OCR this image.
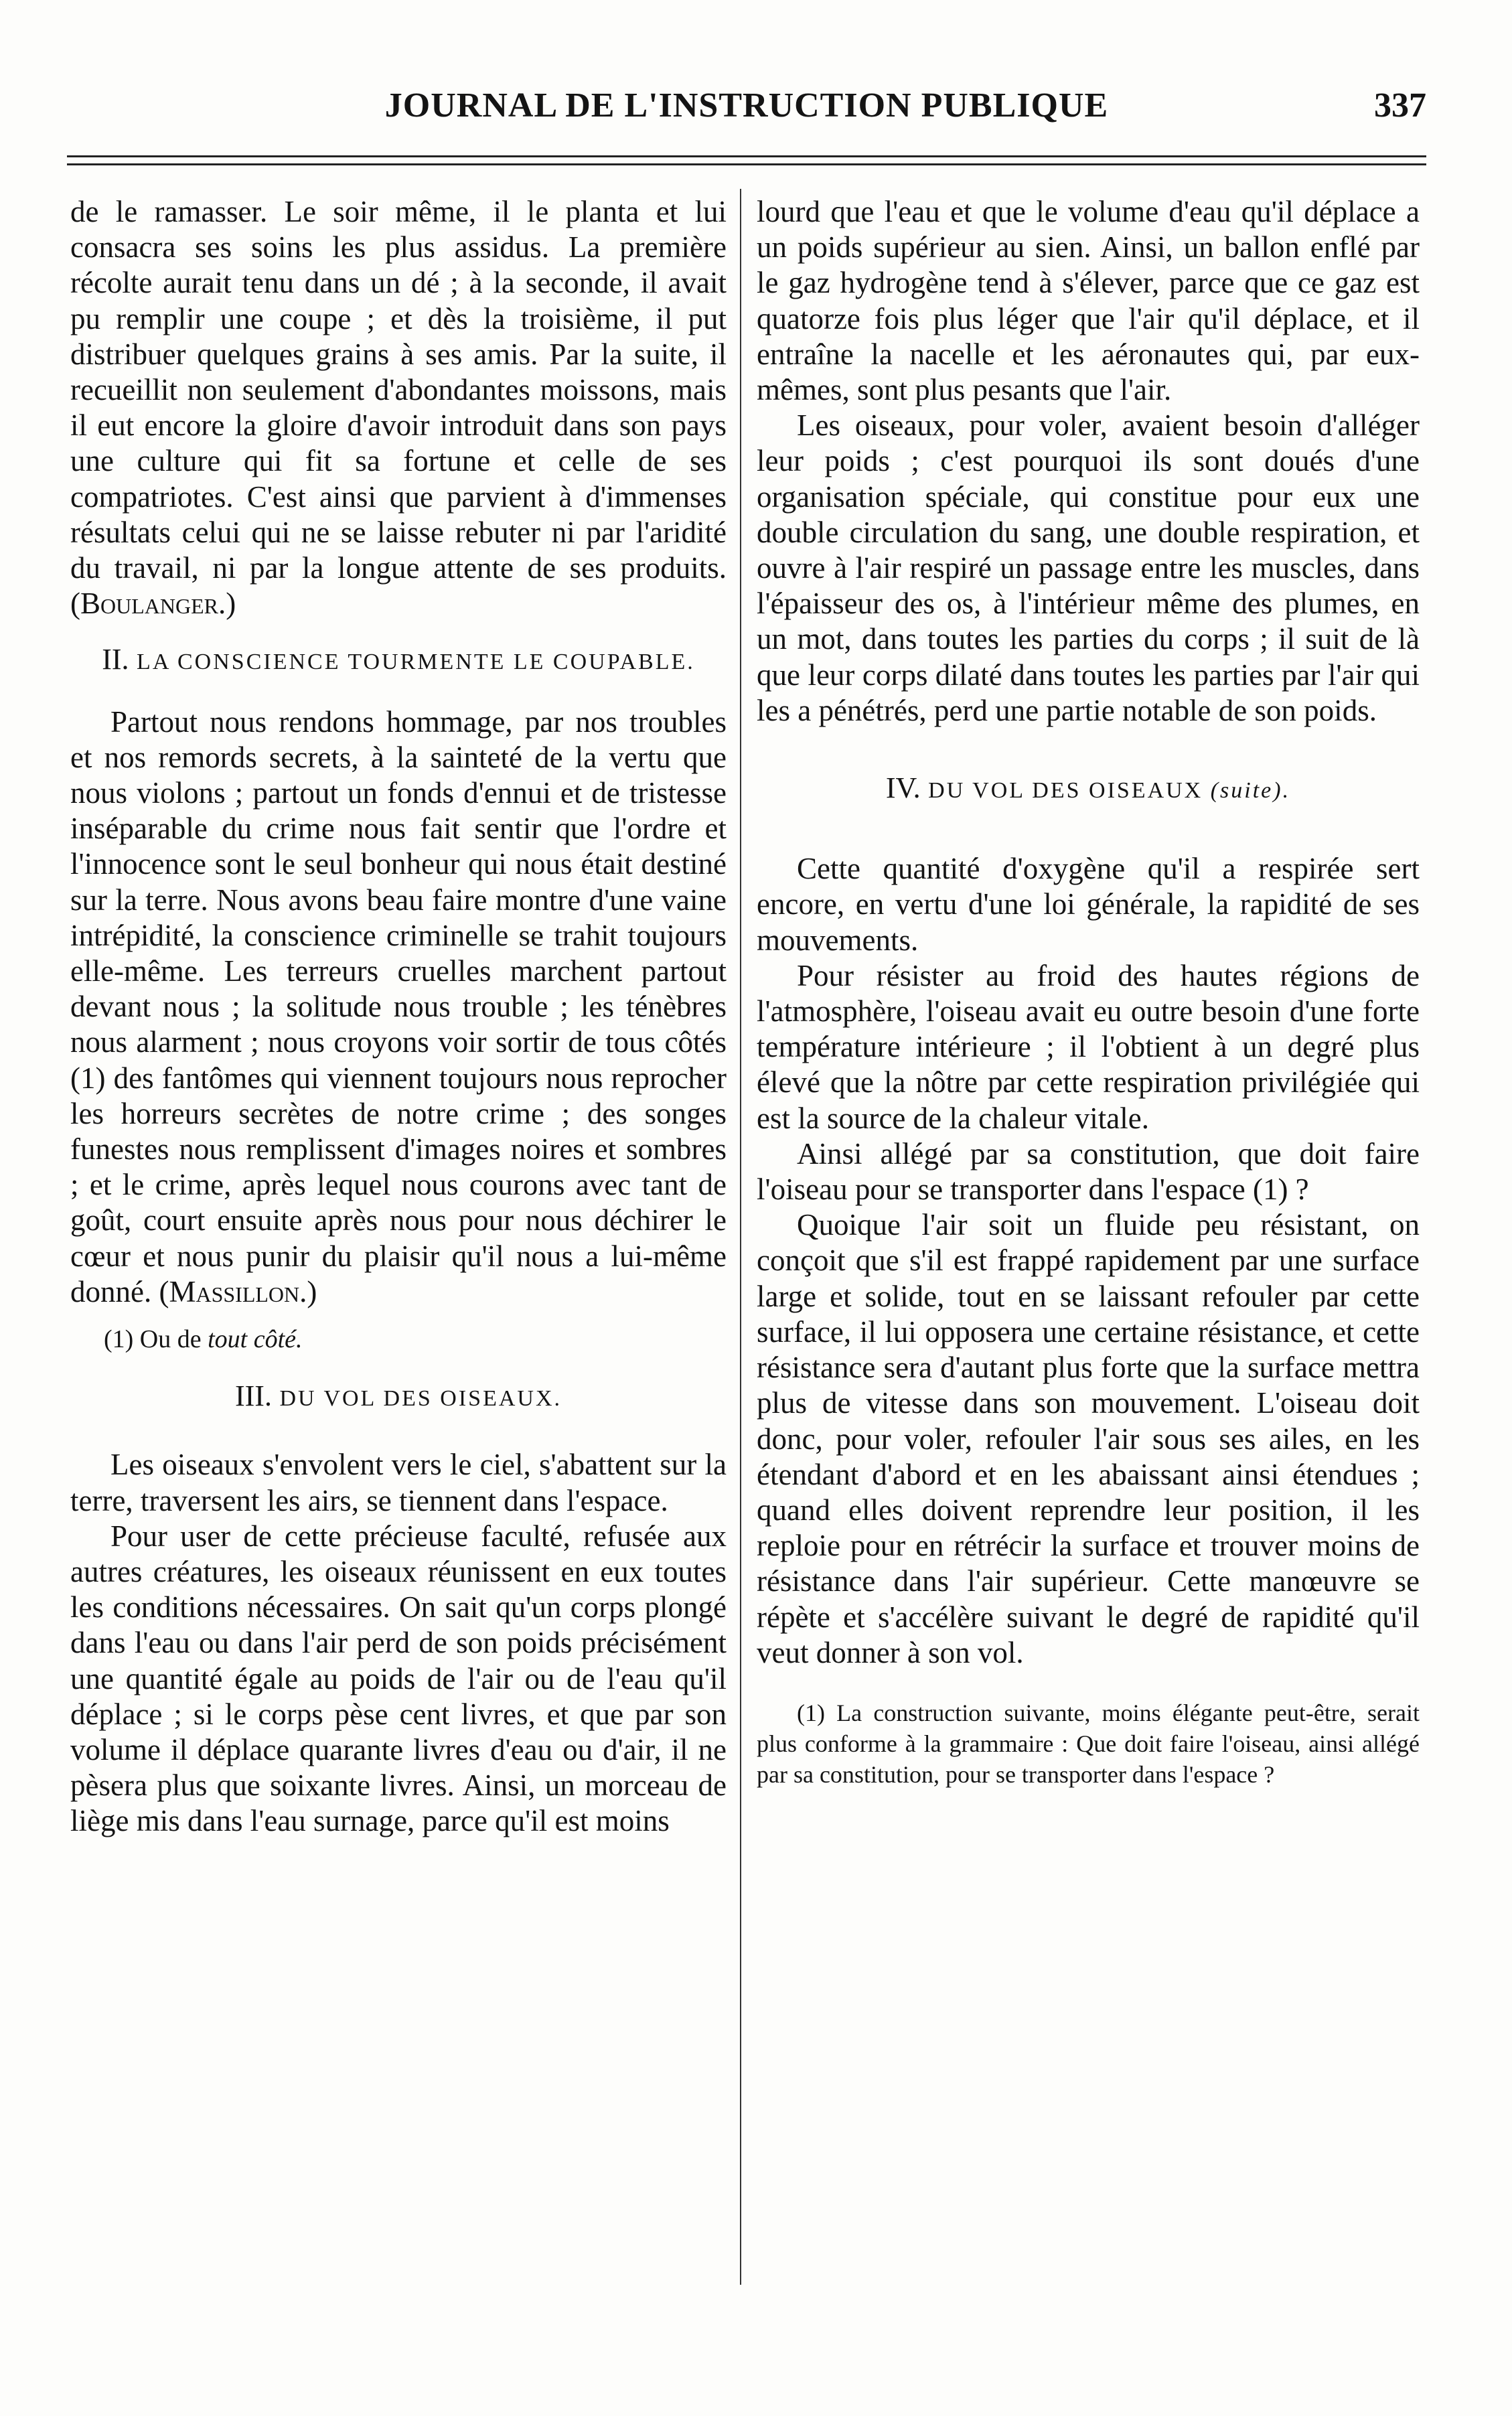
JOURNAL DE L'INSTRUCTION PUBLIQUE	337

de le ramasser. Le soir même, il le planta et lui consacra ses soins les plus assidus. La première récolte aurait tenu dans un dé ; à la seconde, il avait pu remplir une coupe ; et dès la troisième, il put distribuer quelques grains à ses amis. Par la suite, il recueillit non seulement d'abondantes moissons, mais il eut encore la gloire d'avoir introduit dans son pays une culture qui fit sa fortune et celle de ses compatriotes. C'est ainsi que parvient à d'immenses résultats celui qui ne se laisse rebuter ni par l'aridité du travail, ni par la longue attente de ses produits. (Boulanger.)

II. LA CONSCIENCE TOURMENTE LE COUPABLE.

Partout nous rendons hommage, par nos troubles et nos remords secrets, à la sainteté de la vertu que nous violons ; partout un fonds d'ennui et de tristesse inséparable du crime nous fait sentir que l'ordre et l'innocence sont le seul bonheur qui nous était destiné sur la terre. Nous avons beau faire montre d'une vaine intrépidité, la conscience criminelle se trahit toujours elle-même. Les terreurs cruelles marchent partout devant nous ; la solitude nous trouble ; les ténèbres nous alarment ; nous croyons voir sortir de tous côtés (1) des fantômes qui viennent toujours nous reprocher les horreurs secrètes de notre crime ; des songes funestes nous remplissent d'images noires et sombres ; et le crime, après lequel nous courons avec tant de goût, court ensuite après nous pour nous déchirer le cœur et nous punir du plaisir qu'il nous a lui-même donné. (Massillon.)

(1) Ou de tout côté.
III. DU VOL DES OISEAUX.

Les oiseaux s'envolent vers le ciel, s'abattent sur la terre, traversent les airs, se tiennent dans l'espace.

Pour user de cette précieuse faculté, refusée aux autres créatures, les oiseaux réunissent en eux toutes les conditions nécessaires. On sait qu'un corps plongé dans l'eau ou dans l'air perd de son poids précisément une quantité égale au poids de l'air ou de l'eau qu'il déplace ; si le corps pèse cent livres, et que par son volume il déplace quarante livres d'eau ou d'air, il ne pèsera plus que soixante livres. Ainsi, un morceau de liège mis dans l'eau surnage, parce qu'il est moins

lourd que l'eau et que le volume d'eau qu'il déplace a un poids supérieur au sien. Ainsi, un ballon enflé par le gaz hydrogène tend à s'élever, parce que ce gaz est quatorze fois plus léger que l'air qu'il déplace, et il entraîne la nacelle et les aéronautes qui, par eux-mêmes, sont plus pesants que l'air.

Les oiseaux, pour voler, avaient besoin d'alléger leur poids ; c'est pourquoi ils sont doués d'une organisation spéciale, qui constitue pour eux une double circulation du sang, une double respiration, et ouvre à l'air respiré un passage entre les muscles, dans l'épaisseur des os, à l'intérieur même des plumes, en un mot, dans toutes les parties du corps ; il suit de là que leur corps dilaté dans toutes les parties par l'air qui les a pénétrés, perd une partie notable de son poids.

IV. DU VOL DES OISEAUX (suite).

Cette quantité d'oxygène qu'il a respirée sert encore, en vertu d'une loi générale, la rapidité de ses mouvements.

Pour résister au froid des hautes régions de l'atmosphère, l'oiseau avait eu outre besoin d'une forte température intérieure ; il l'obtient à un degré plus élevé que la nôtre par cette respiration privilégiée qui est la source de la chaleur vitale.

Ainsi allégé par sa constitution, que doit faire l'oiseau pour se transporter dans l'espace (1) ?

Quoique l'air soit un fluide peu résistant, on conçoit que s'il est frappé rapidement par une surface large et solide, tout en se laissant refouler par cette surface, il lui opposera une certaine résistance, et cette résistance sera d'autant plus forte que la surface mettra plus de vitesse dans son mouvement. L'oiseau doit donc, pour voler, refouler l'air sous ses ailes, en les étendant d'abord et en les abaissant ainsi étendues ; quand elles doivent reprendre leur position, il les reploie pour en rétrécir la surface et trouver moins de résistance dans l'air supérieur. Cette manœuvre se répète et s'accélère suivant le degré de rapidité qu'il veut donner à son vol.

(1) La construction suivante, moins élégante peut-être, serait plus conforme à la grammaire : Que doit faire l'oiseau, ainsi allégé par sa constitution, pour se transporter dans l'espace ?
